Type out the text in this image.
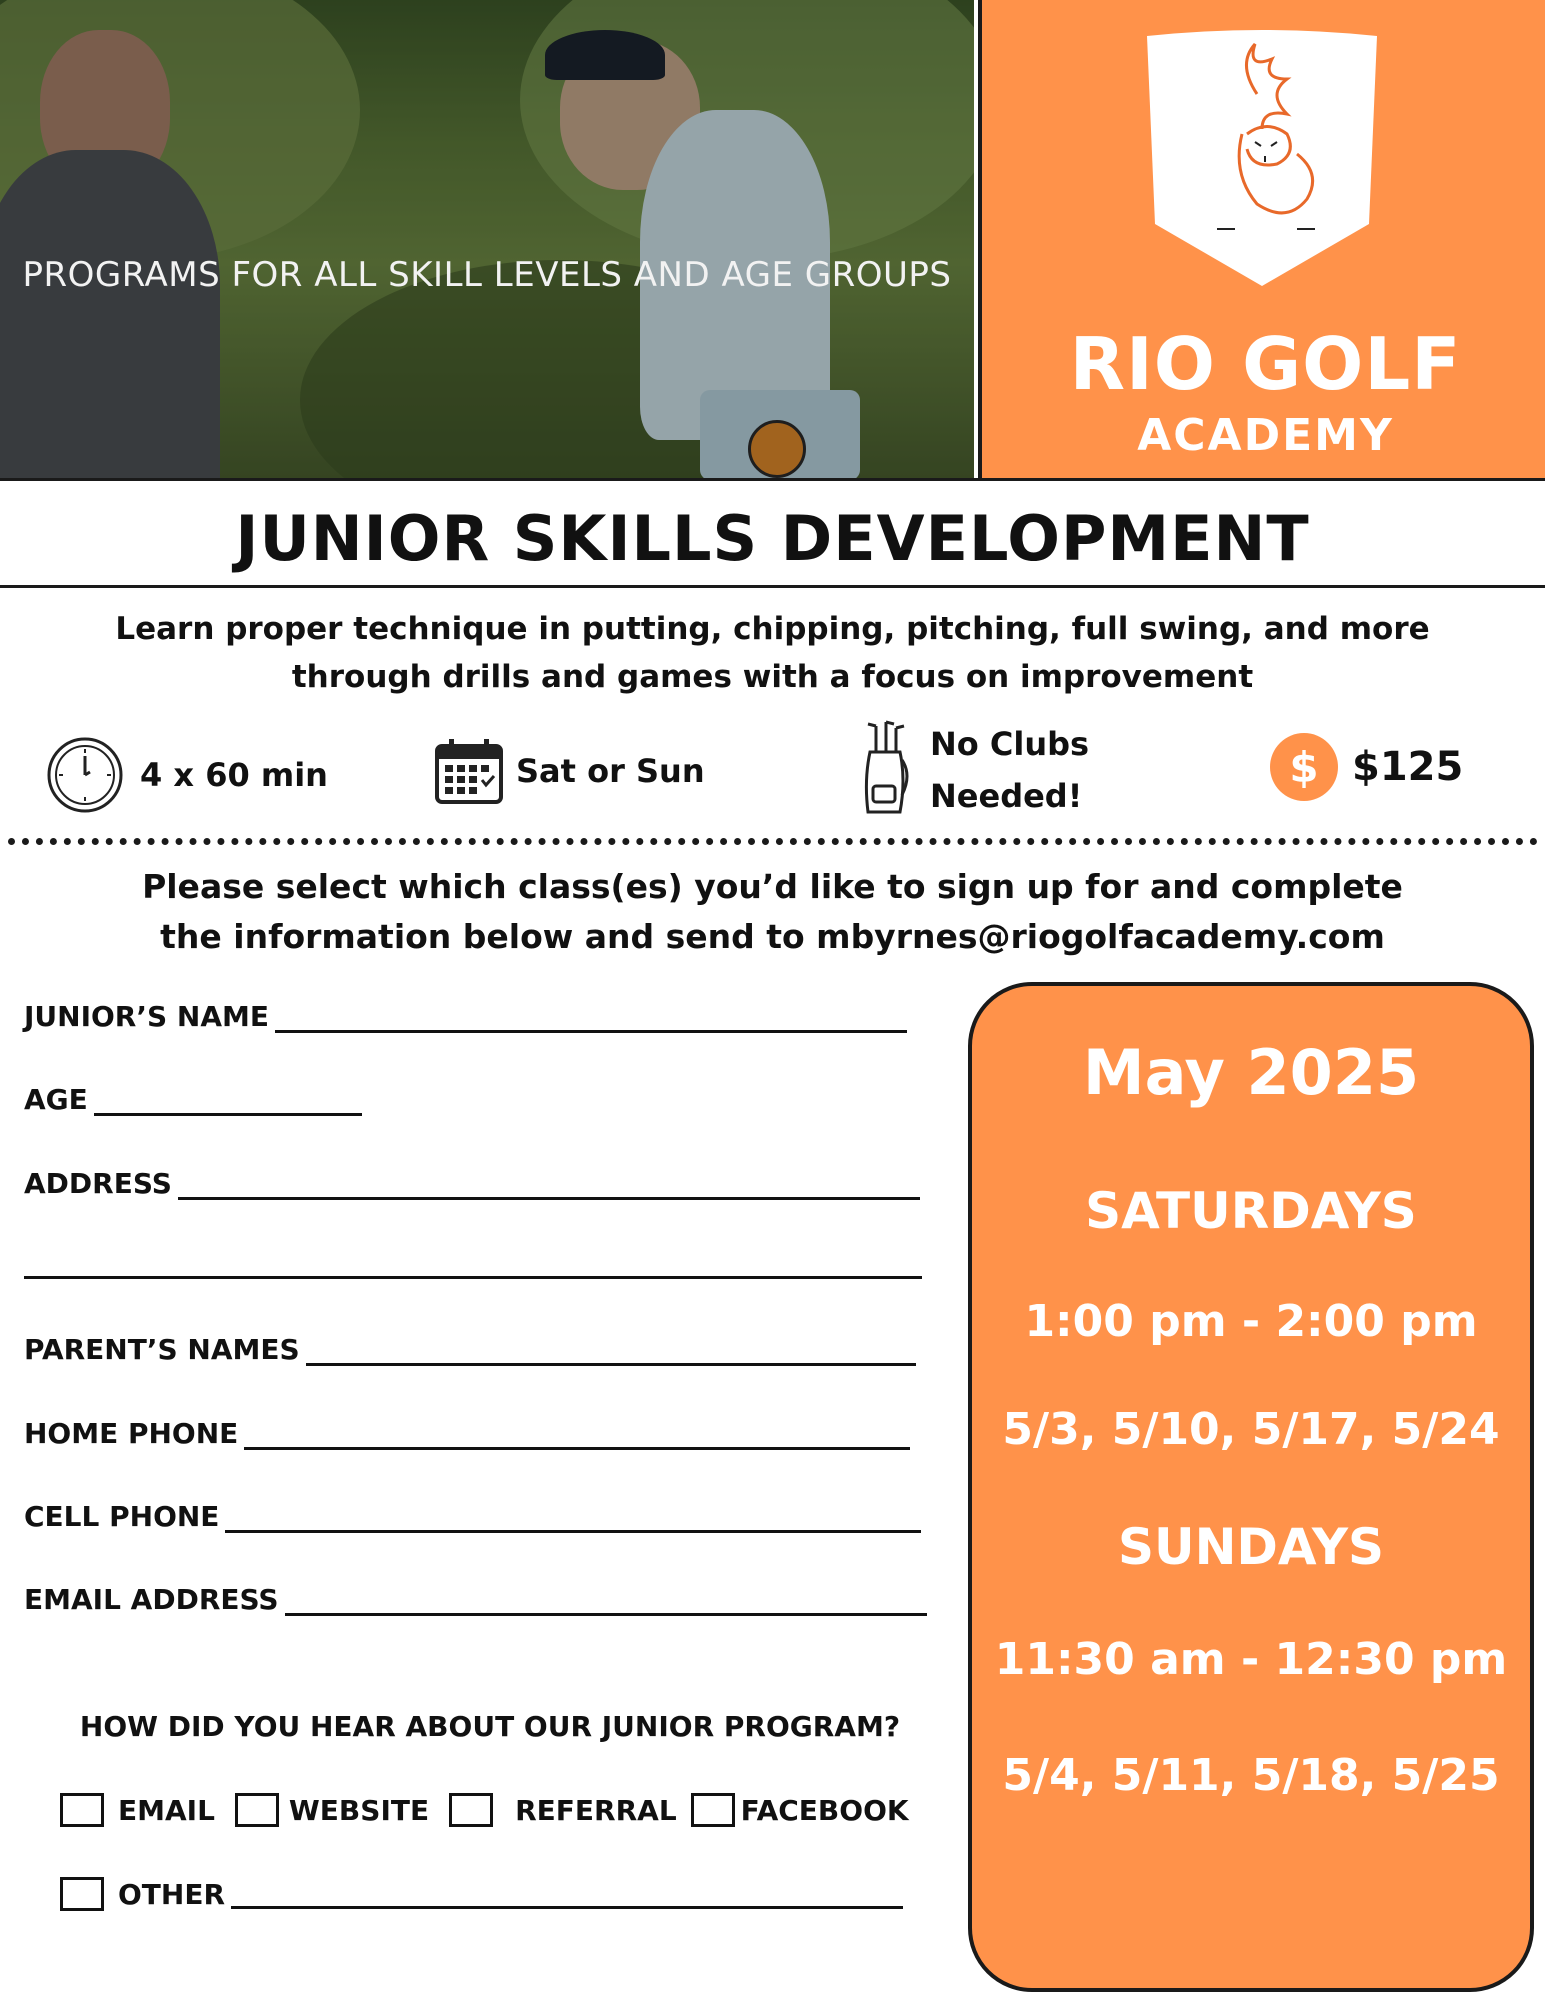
PROGRAMS FOR ALL SKILL LEVELS AND AGE GROUPS
RIO GOLF
ACADEMY
JUNIOR SKILLS DEVELOPMENT
Learn proper technique in putting, chipping, pitching, full swing, and more
through drills and games with a focus on improvement
4 x 60 min	Sat or Sun
No Clubs
Needed!
$ $125
Please select which class(es) you’d like to sign up for and complete
the information below and send to mbyrnes@riogolfacademy.com
JUNIOR’S NAME
AGE
ADDRESS
PARENT’S NAMES
HOME PHONE
CELL PHONE
EMAIL ADDRESS
HOW DID YOU HEAR ABOUT OUR JUNIOR PROGRAM?
EMAIL	WEBSITE	REFERRAL FACEBOOK
OTHER
May 2025
SATURDAYS
1:00 pm - 2:00 pm
5/3, 5/10, 5/17, 5/24
SUNDAYS
11:30 am - 12:30 pm
5/4, 5/11, 5/18, 5/25
